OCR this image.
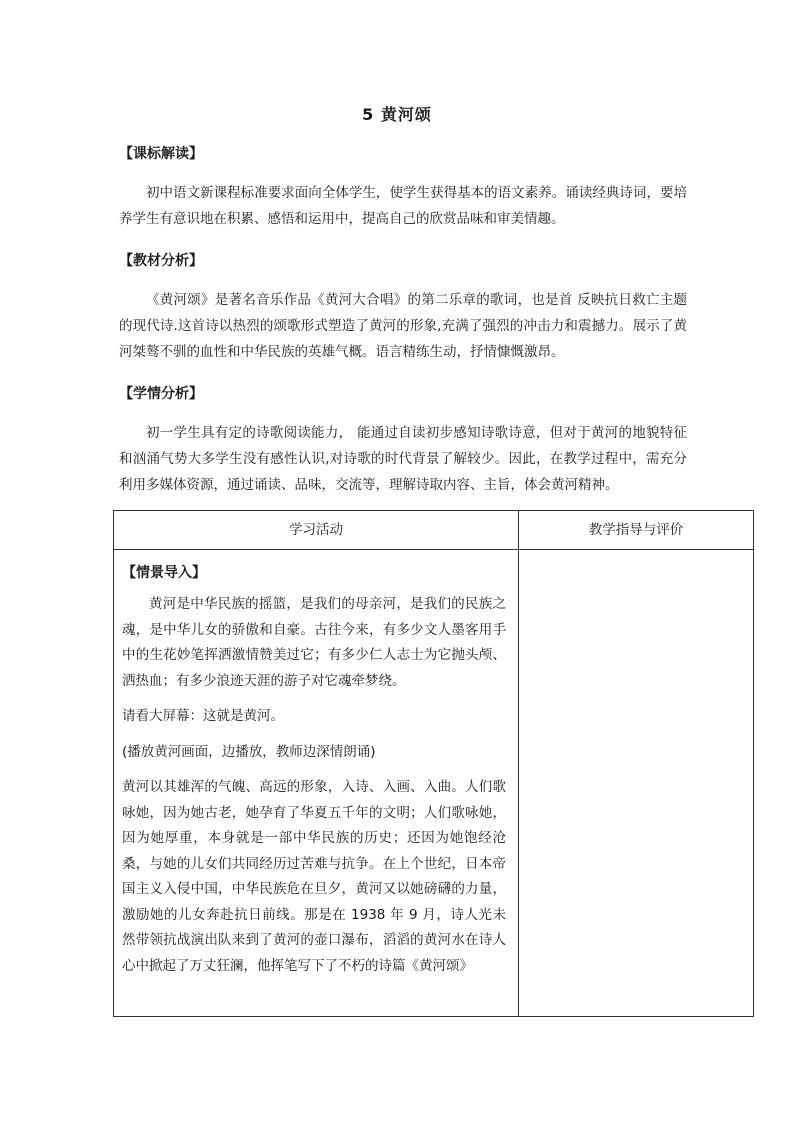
5 黄河颂
【课标解读】
初中语文新课程标准要求面向全体学生，使学生获得基本的语文素养。诵读经典诗词，要培养学生有意识地在积累、感悟和运用中，提高自己的欣赏品味和审美情趣。
【教材分析】
《黄河颂》是著名音乐作品《黄河大合唱》的第二乐章的歌词，也是首 反映抗日救亡主题的现代诗.这首诗以热烈的颂歌形式塑造了黄河的形象,充满了强烈的冲击力和震撼力。展示了黄河桀骜不驯的血性和中华民族的英雄气概。语言精练生动，抒情慷慨激昂。
【学情分析】
初一学生具有定的诗歌阅读能力， 能通过自读初步感知诗歌诗意，但对于黄河的地貌特征和汹涌气势大多学生没有感性认识,对诗歌的时代背景了解较少。因此，在教学过程中，需充分利用多媒体资源，通过诵读、品味，交流等，理解诗取内容、主旨，体会黄河精神。
学习活动	教学指导与评价

【情景导入】

黄河是中华民族的摇篮，是我们的母亲河，是我们的民族之魂，是中华儿女的骄傲和自豪。古往今来，有多少文人墨客用手中的生花妙笔挥洒激情赞美过它；有多少仁人志士为它抛头颅、洒热血；有多少浪迹天涯的游子对它魂牵梦绕。

请看大屏幕：这就是黄河。

(播放黄河画面，边播放，教师边深情朗诵)

黄河以其雄浑的气魄、高远的形象，入诗、入画、入曲。人们歌咏她，因为她古老，她孕育了华夏五千年的文明；人们歌咏她，因为她厚重，本身就是一部中华民族的历史；还因为她饱经沧桑，与她的儿女们共同经历过苦难与抗争。在上个世纪，日本帝国主义入侵中国，中华民族危在旦夕，黄河又以她磅礴的力量，激励她的儿女奔赴抗日前线。那是在 1938 年 9 月，诗人光未然带领抗战演出队来到了黄河的壶口瀑布，滔滔的黄河水在诗人心中掀起了万丈狂澜，他挥笔写下了不朽的诗篇《黄河颂》	
